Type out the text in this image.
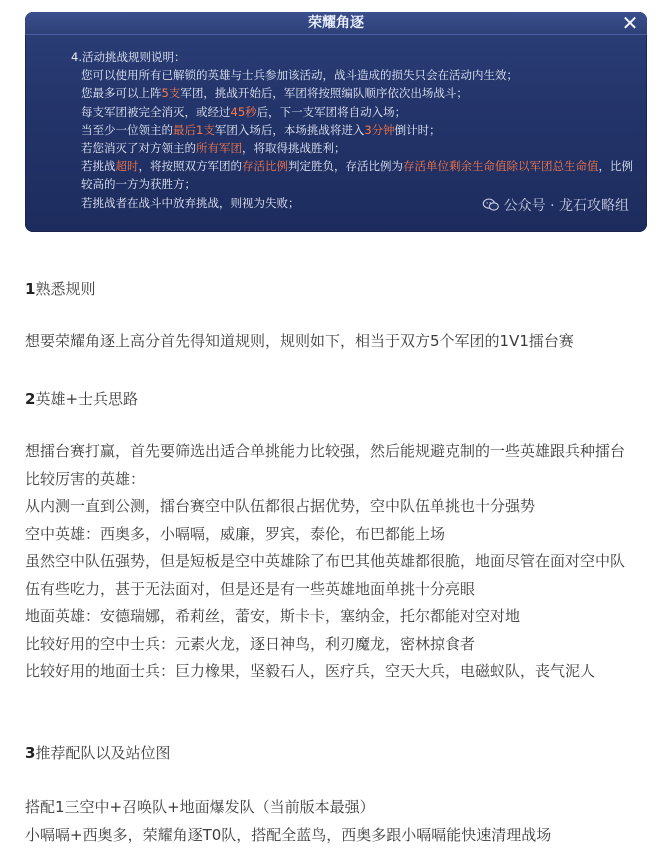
荣耀角逐	✕
4.活动挑战规则说明：
您可以使用所有已解锁的英雄与士兵参加该活动，战斗造成的损失只会在活动内生效；
您最多可以上阵5支军团，挑战开始后，军团将按照编队顺序依次出场战斗；
每支军团被完全消灭，或经过45秒后，下一支军团将自动入场；
当至少一位领主的最后1支军团入场后，本场挑战将进入3分钟倒计时；
若您消灭了对方领主的所有军团，将取得挑战胜利；
若挑战超时，将按照双方军团的存活比例判定胜负，存活比例为存活单位剩余生命值除以军团总生命值，比例较高的一方为获胜方；
若挑战者在战斗中放弃挑战，则视为失败；	公众号 · 龙石攻略组
1熟悉规则
想要荣耀角逐上高分首先得知道规则，规则如下，相当于双方5个军团的1V1擂台赛
2英雄+士兵思路

想擂台赛打赢，首先要筛选出适合单挑能力比较强，然后能规避克制的一些英雄跟兵种擂台比较厉害的英雄：

从内测一直到公测，擂台赛空中队伍都很占据优势，空中队伍单挑也十分强势

空中英雄：西奥多，小嗝嗝，威廉，罗宾，泰伦，布巴都能上场

虽然空中队伍强势，但是短板是空中英雄除了布巴其他英雄都很脆，地面尽管在面对空中队伍有些吃力，甚于无法面对，但是还是有一些英雄地面单挑十分亮眼

地面英雄：安德瑞娜，希莉丝，蕾安，斯卡卡，塞纳金，托尔都能对空对地

比较好用的空中士兵：元素火龙，逐日神鸟，利刃魔龙，密林掠食者

比较好用的地面士兵：巨力橡果，坚毅石人，医疗兵，空天大兵，电磁蚁队，丧气泥人

3推荐配队以及站位图

搭配1三空中+召唤队+地面爆发队（当前版本最强）

小嗝嗝+西奥多，荣耀角逐T0队，搭配全蓝鸟，西奥多跟小嗝嗝能快速清理战场
